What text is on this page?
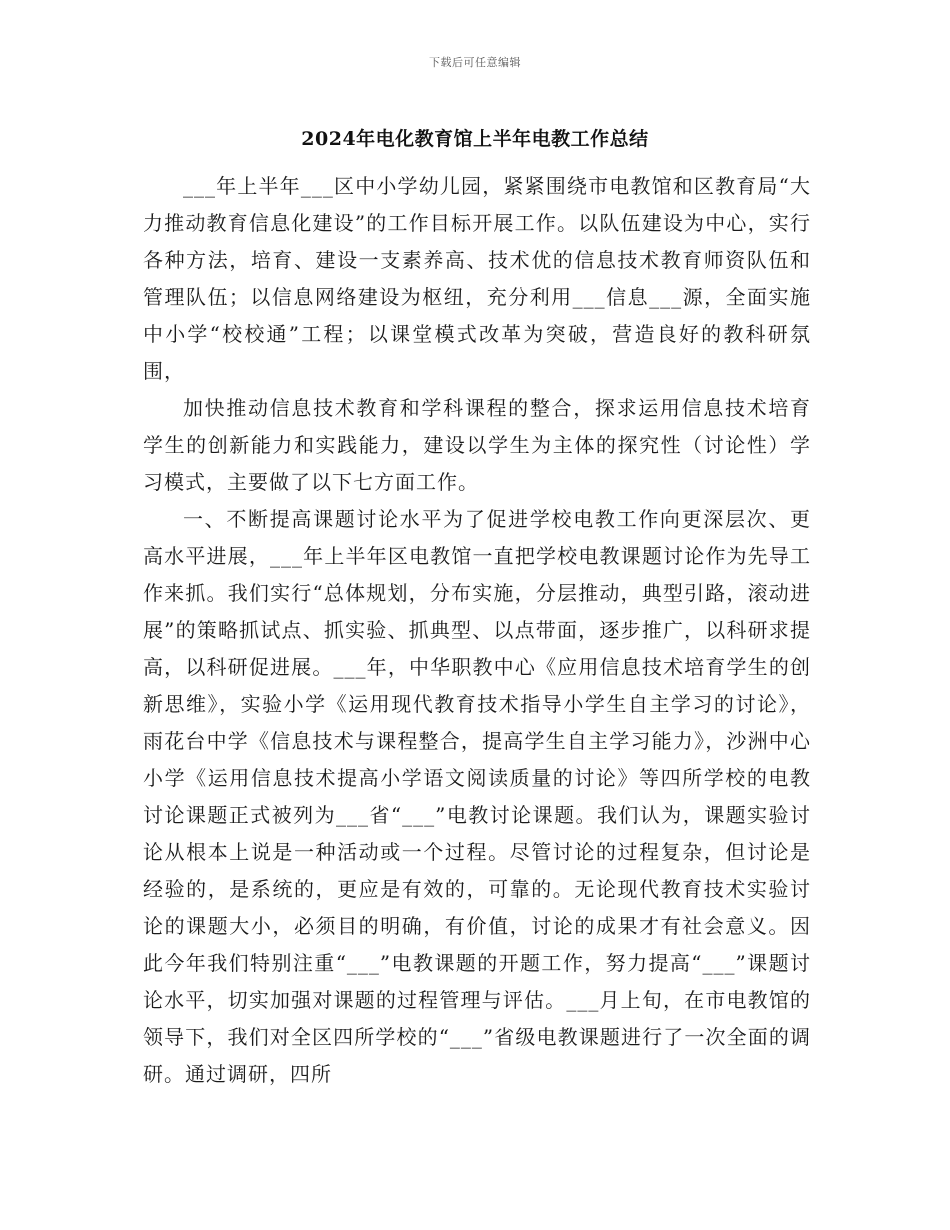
下载后可任意编辑
2024年电化教育馆上半年电教工作总结

___年上半年___区中小学幼儿园，紧紧围绕市电教馆和区教育局“大力推动教育信息化建设”的工作目标开展工作。以队伍建设为中心，实行各种方法，培育、建设一支素养高、技术优的信息技术教育师资队伍和管理队伍；以信息网络建设为枢纽，充分利用___信息___源，全面实施中小学“校校通”工程；以课堂模式改革为突破，营造良好的教科研氛围，

加快推动信息技术教育和学科课程的整合，探求运用信息技术培育学生的创新能力和实践能力，建设以学生为主体的探究性（讨论性）学习模式，主要做了以下七方面工作。

一、不断提高课题讨论水平为了促进学校电教工作向更深层次、更高水平进展，___年上半年区电教馆一直把学校电教课题讨论作为先导工作来抓。我们实行“总体规划，分布实施，分层推动，典型引路，滚动进展”的策略抓试点、抓实验、抓典型、以点带面，逐步推广，以科研求提高，以科研促进展。___年，中华职教中心《应用信息技术培育学生的创新思维》，实验小学《运用现代教育技术指导小学生自主学习的讨论》，雨花台中学《信息技术与课程整合，提高学生自主学习能力》，沙洲中心小学《运用信息技术提高小学语文阅读质量的讨论》等四所学校的电教讨论课题正式被列为___省“___”电教讨论课题。我们认为，课题实验讨论从根本上说是一种活动或一个过程。尽管讨论的过程复杂，但讨论是经验的，是系统的，更应是有效的，可靠的。无论现代教育技术实验讨论的课题大小，必须目的明确，有价值，讨论的成果才有社会意义。因此今年我们特别注重“___”电教课题的开题工作，努力提高“___”课题讨论水平，切实加强对课题的过程管理与评估。___月上旬，在市电教馆的领导下，我们对全区四所学校的“___”省级电教课题进行了一次全面的调研。通过调研，四所
